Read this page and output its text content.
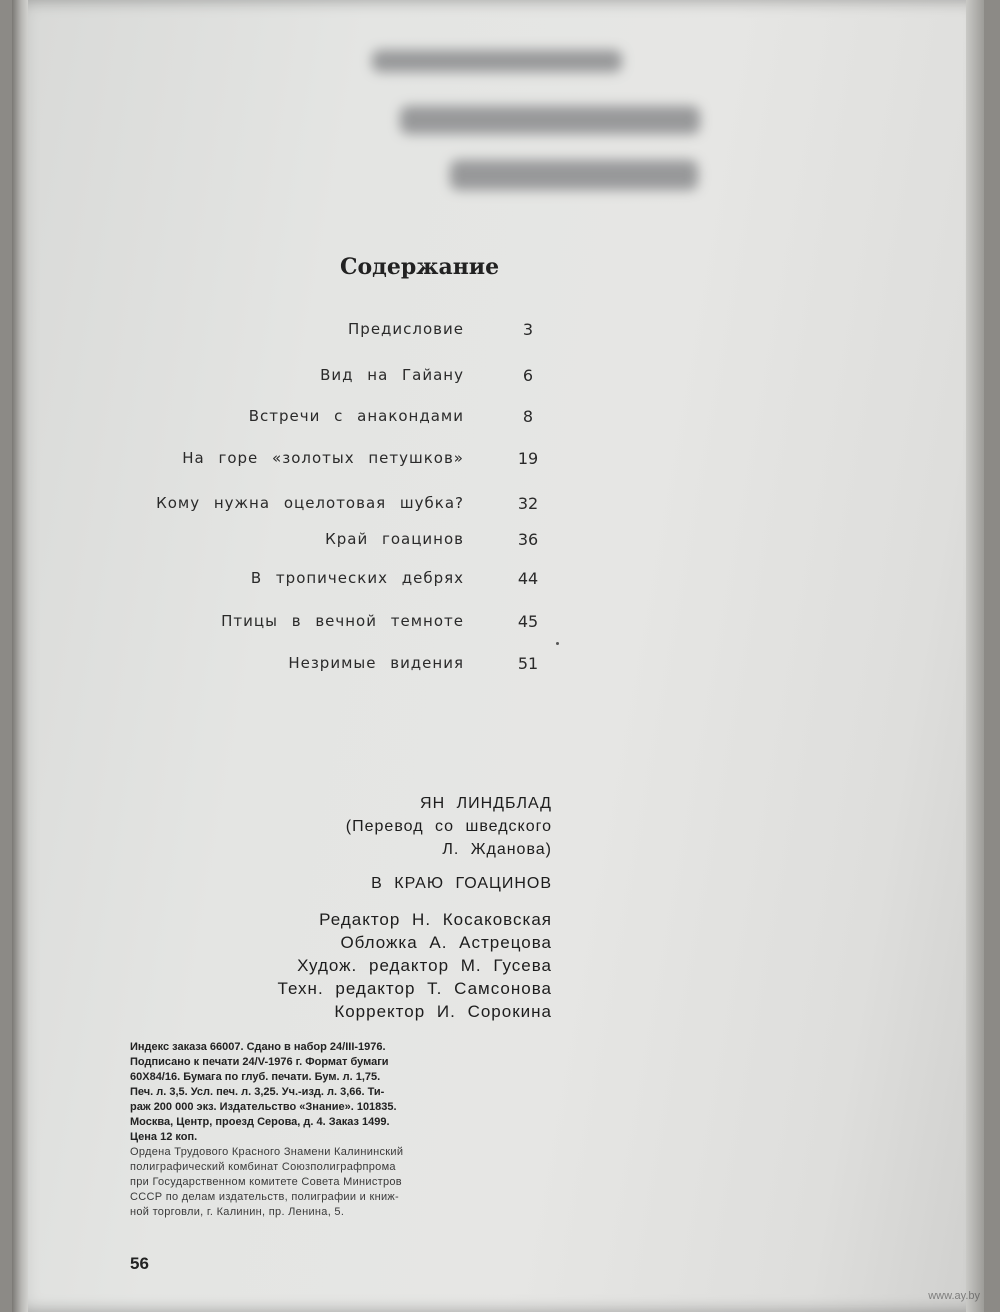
Содержание
Предисловие	3
Вид на Гайану	6
Встречи с анакондами	8
На горе «золотых петушков»	19
Кому нужна оцелотовая шубка?	32
Край гоацинов	36
В тропических дебрях	44
Птицы в вечной темноте	45
Незримые видения	51
ЯН ЛИНДБЛАД
(Перевод со шведского
Л. Жданова)
В КРАЮ ГОАЦИНОВ
Редактор Н. Косаковская
Обложка А. Астрецова
Худож. редактор М. Гусева
Техн. редактор Т. Самсонова
Корректор И. Сорокина
Индекс заказа 66007. Сдано в набор 24/III-1976.
Подписано к печати 24/V-1976 г. Формат бумаги
60Х84/16. Бумага по глуб. печати. Бум. л. 1,75.
Печ. л. 3,5. Усл. печ. л. 3,25. Уч.-изд. л. 3,66. Ти-
раж 200 000 экз. Издательство «Знание». 101835.
Москва, Центр, проезд Серова, д. 4. Заказ 1499.
Цена 12 коп.
Ордена Трудового Красного Знамени Калининский
полиграфический комбинат Союзполиграфпрома
при Государственном комитете Совета Министров
СССР по делам издательств, полиграфии и книж-
ной торговли, г. Калинин, пр. Ленина, 5.
56
www.ay.by
